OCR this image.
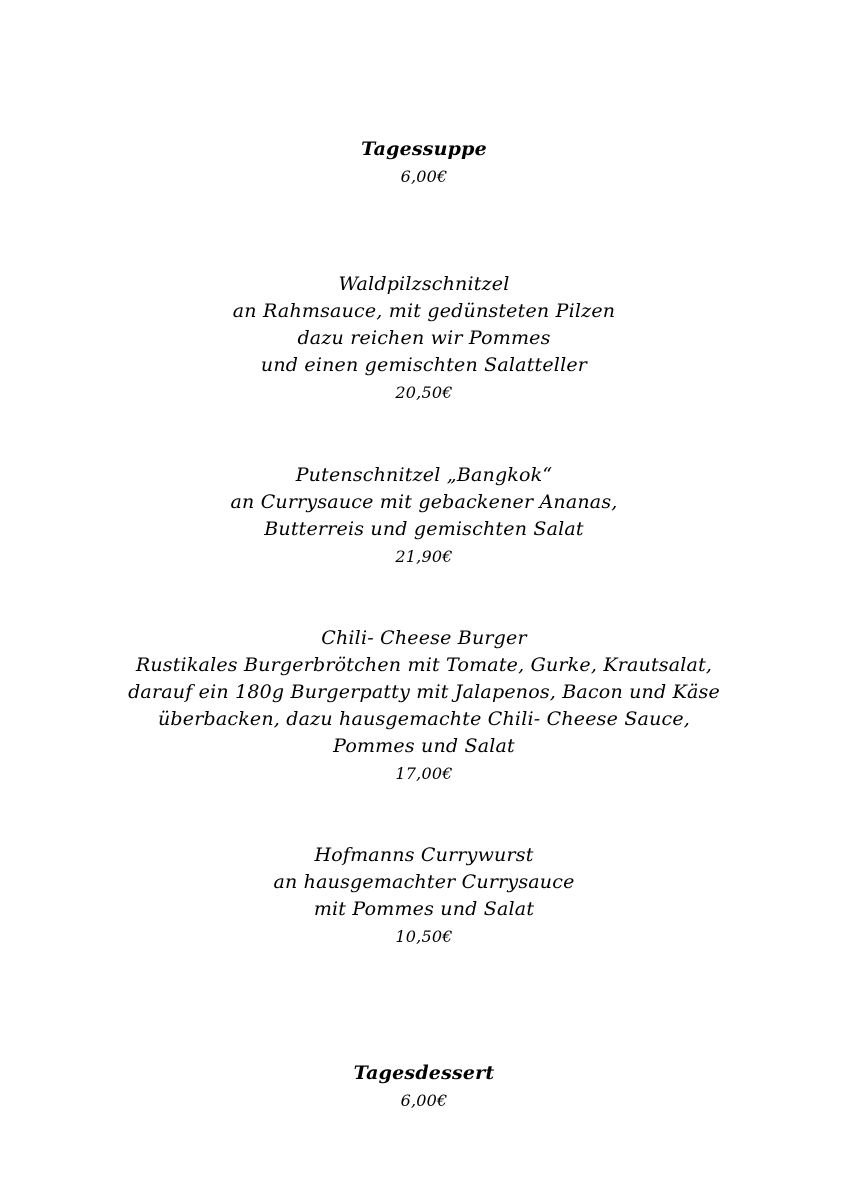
Tagessuppe
6,00€
Waldpilzschnitzel
an Rahmsauce, mit gedünsteten Pilzen
dazu reichen wir Pommes
und einen gemischten Salatteller
20,50€
Putenschnitzel „Bangkok“
an Currysauce mit gebackener Ananas,
Butterreis und gemischten Salat
21,90€
Chili- Cheese Burger
Rustikales Burgerbrötchen mit Tomate, Gurke, Krautsalat,
darauf ein 180g Burgerpatty mit Jalapenos, Bacon und Käse
überbacken, dazu hausgemachte Chili- Cheese Sauce,
Pommes und Salat
17,00€
Hofmanns Currywurst
an hausgemachter Currysauce
mit Pommes und Salat
10,50€
Tagesdessert
6,00€
